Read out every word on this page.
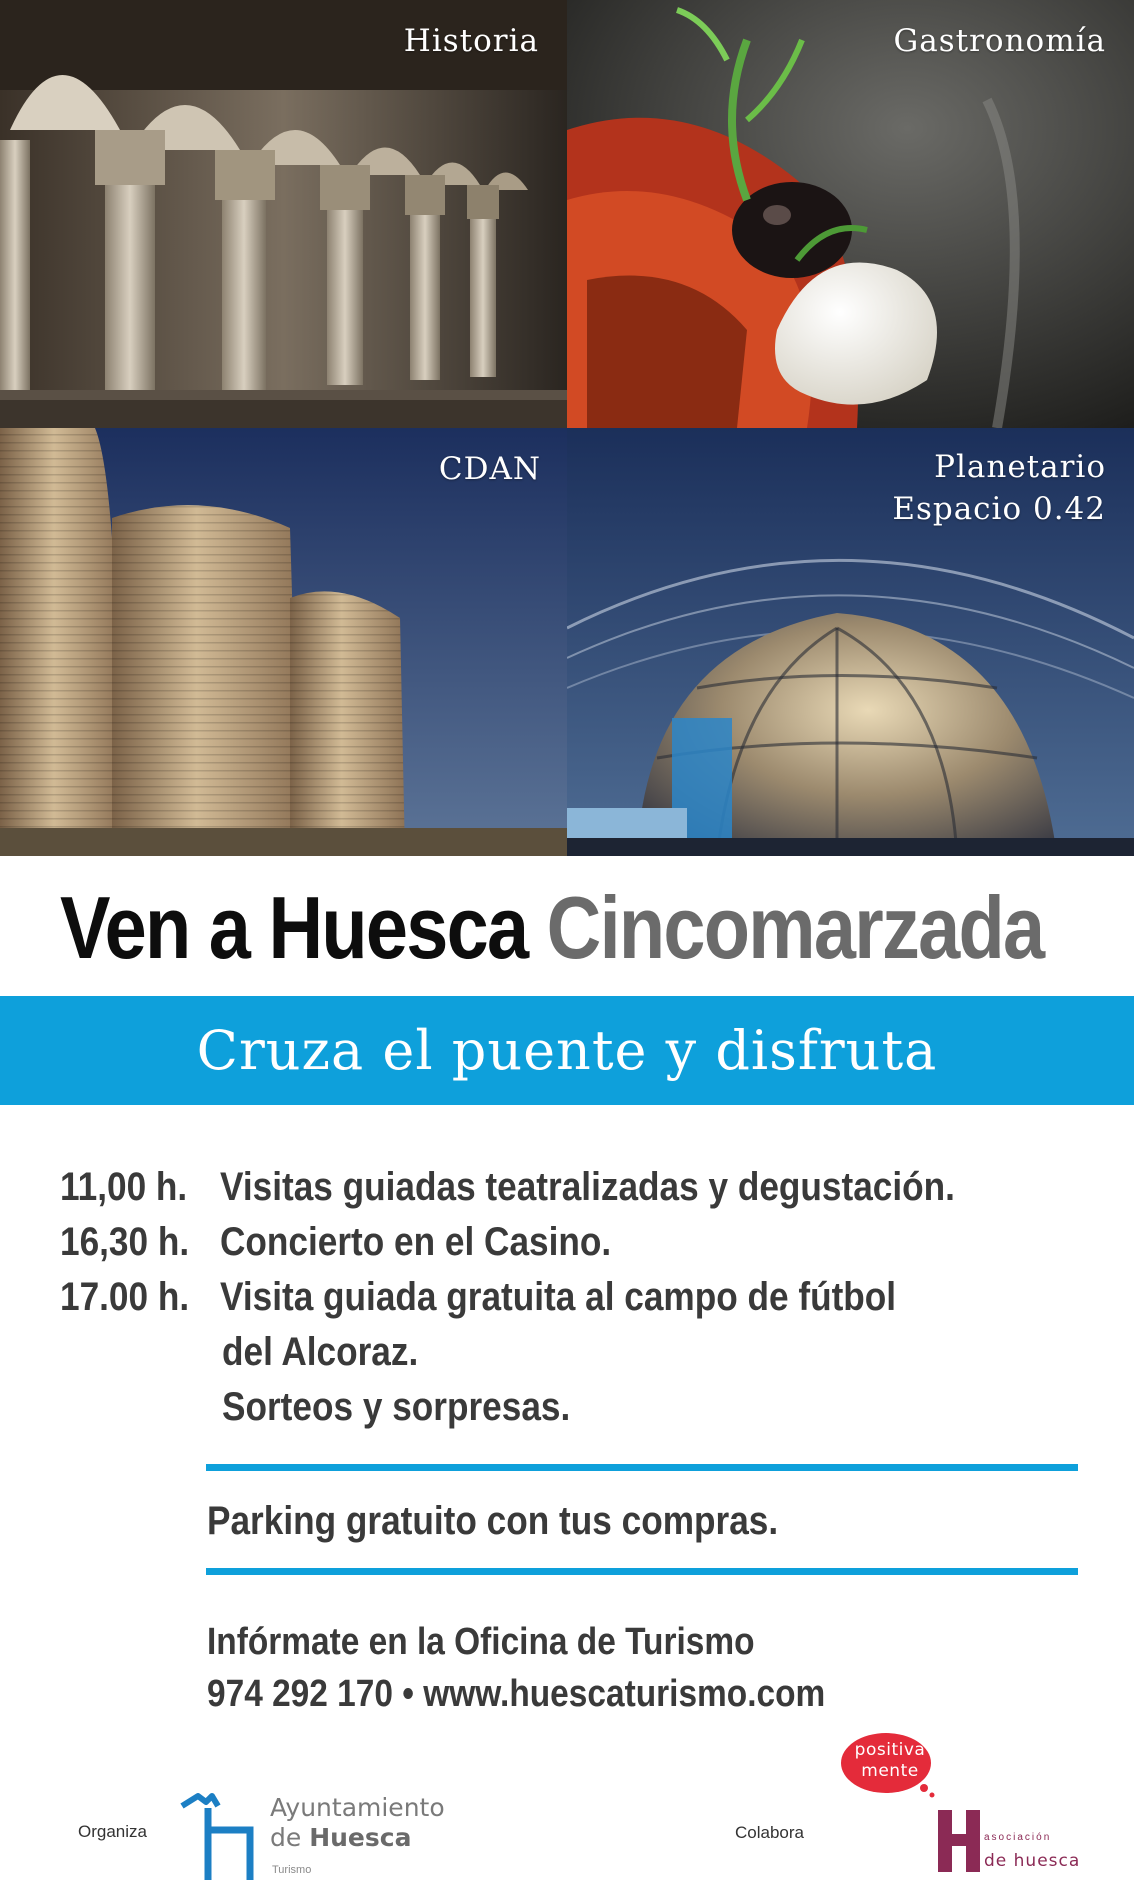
Historia	Gastronomía
CDAN	Planetario
Espacio 0.42
Ven a Huesca Cincomarzada
Cruza el puente y disfruta
11,00 h. Visitas guiadas teatralizadas y degustación.
16,30 h. Concierto en el Casino.
17.00 h. Visita guiada gratuita al campo de fútbol
del Alcoraz.
Sorteos y sorpresas.
Parking gratuito con tus compras.
Infórmate en la Oficina de Turismo
974 292 170 • www.huescaturismo.com
Organiza
Ayuntamiento
de Huesca
Turismo
Colabora
positiva
mente
asociación
de huesca
